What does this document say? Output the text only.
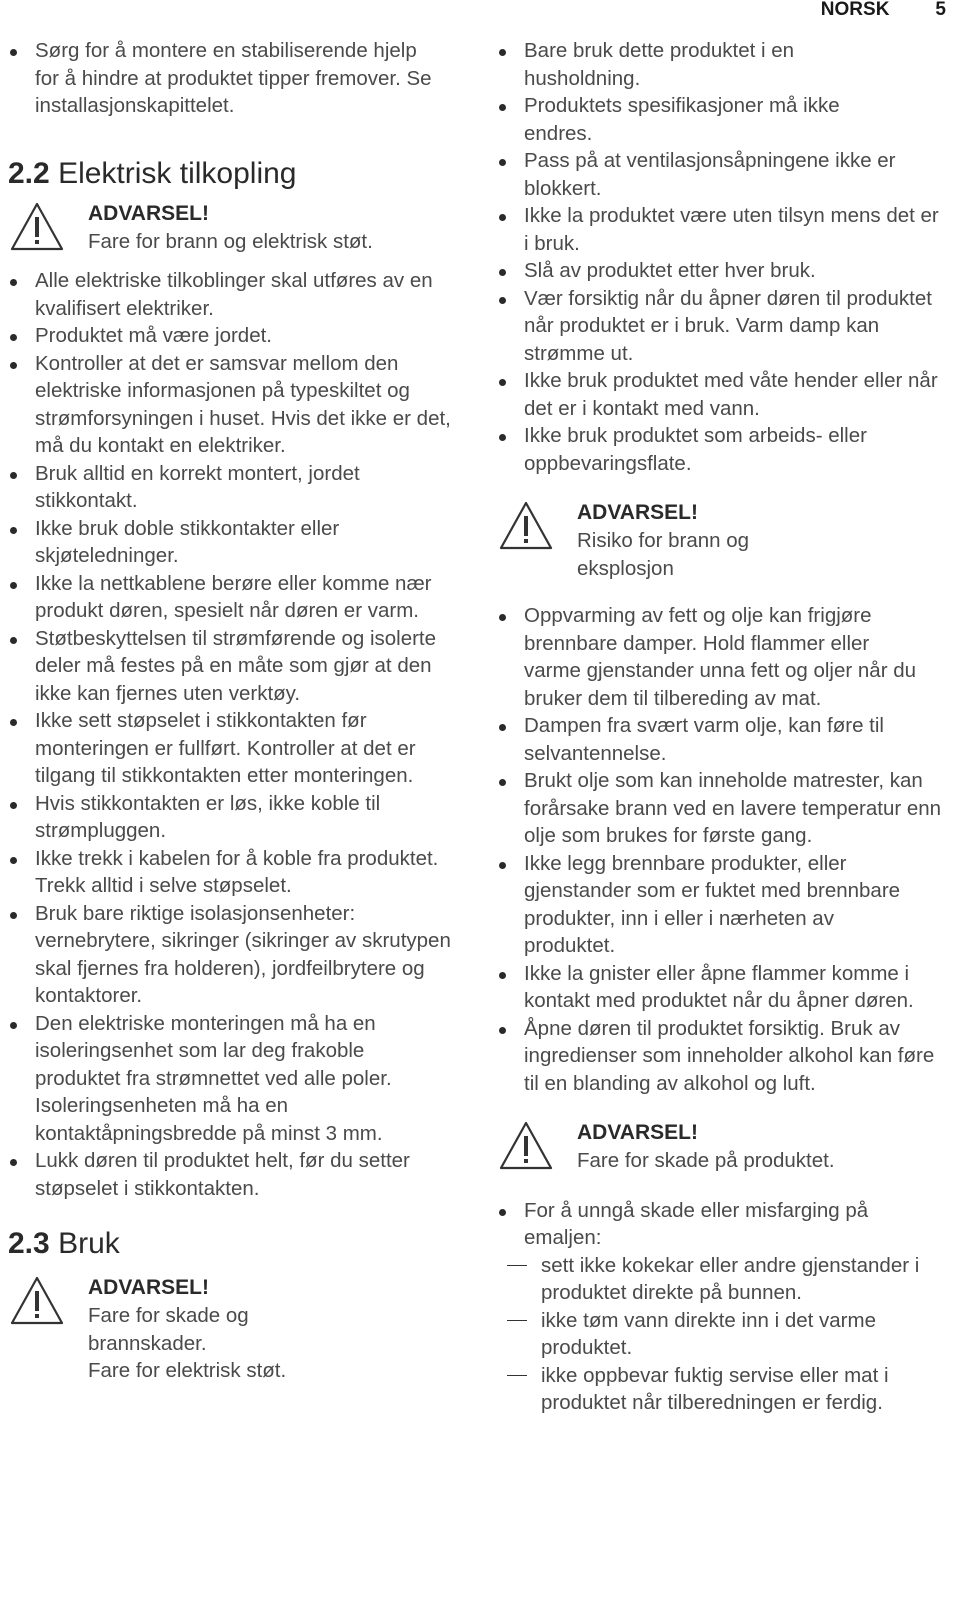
NORSK 5
Sørg for å montere en stabiliserende hjelp for å hindre at produktet tipper fremover. Se installasjonskapittelet.
2.2 Elektrisk tilkopling
ADVARSEL!
Fare for brann og elektrisk støt.
Alle elektriske tilkoblinger skal utføres av en kvalifisert elektriker.
Produktet må være jordet.
Kontroller at det er samsvar mellom den elektriske informasjonen på typeskiltet og strømforsyningen i huset. Hvis det ikke er det, må du kontakt en elektriker.
Bruk alltid en korrekt montert, jordet stikkontakt.
Ikke bruk doble stikkontakter eller skjøteledninger.
Ikke la nettkablene berøre eller komme nær produkt døren, spesielt når døren er varm.
Støtbeskyttelsen til strømførende og isolerte deler må festes på en måte som gjør at den ikke kan fjernes uten verktøy.
Ikke sett støpselet i stikkontakten før monteringen er fullført. Kontroller at det er tilgang til stikkontakten etter monteringen.
Hvis stikkontakten er løs, ikke koble til strømpluggen.
Ikke trekk i kabelen for å koble fra produktet. Trekk alltid i selve støpselet.
Bruk bare riktige isolasjonsenheter: vernebrytere, sikringer (sikringer av skrutypen skal fjernes fra holderen), jordfeilbrytere og kontaktorer.
Den elektriske monteringen må ha en isoleringsenhet som lar deg frakoble produktet fra strømnettet ved alle poler. Isoleringsenheten må ha en kontaktåpningsbredde på minst 3 mm.
Lukk døren til produktet helt, før du setter støpselet i stikkontakten.
2.3 Bruk
ADVARSEL!
Fare for skade og brannskader.
Fare for elektrisk støt.
Bare bruk dette produktet i en husholdning.
Produktets spesifikasjoner må ikke endres.
Pass på at ventilasjonsåpningene ikke er blokkert.
Ikke la produktet være uten tilsyn mens det er i bruk.
Slå av produktet etter hver bruk.
Vær forsiktig når du åpner døren til produktet når produktet er i bruk. Varm damp kan strømme ut.
Ikke bruk produktet med våte hender eller når det er i kontakt med vann.
Ikke bruk produktet som arbeids- eller oppbevaringsflate.
ADVARSEL!
Risiko for brann og eksplosjon
Oppvarming av fett og olje kan frigjøre brennbare damper. Hold flammer eller varme gjenstander unna fett og oljer når du bruker dem til tilbereding av mat.
Dampen fra svært varm olje, kan føre til selvantennelse.
Brukt olje som kan inneholde matrester, kan forårsake brann ved en lavere temperatur enn olje som brukes for første gang.
Ikke legg brennbare produkter, eller gjenstander som er fuktet med brennbare produkter, inn i eller i nærheten av produktet.
Ikke la gnister eller åpne flammer komme i kontakt med produktet når du åpner døren.
Åpne døren til produktet forsiktig. Bruk av ingredienser som inneholder alkohol kan føre til en blanding av alkohol og luft.
ADVARSEL!
Fare for skade på produktet.
For å unngå skade eller misfarging på emaljen:
sett ikke kokekar eller andre gjenstander i produktet direkte på bunnen.
ikke tøm vann direkte inn i det varme produktet.
ikke oppbevar fuktig servise eller mat i produktet når tilberedningen er ferdig.
